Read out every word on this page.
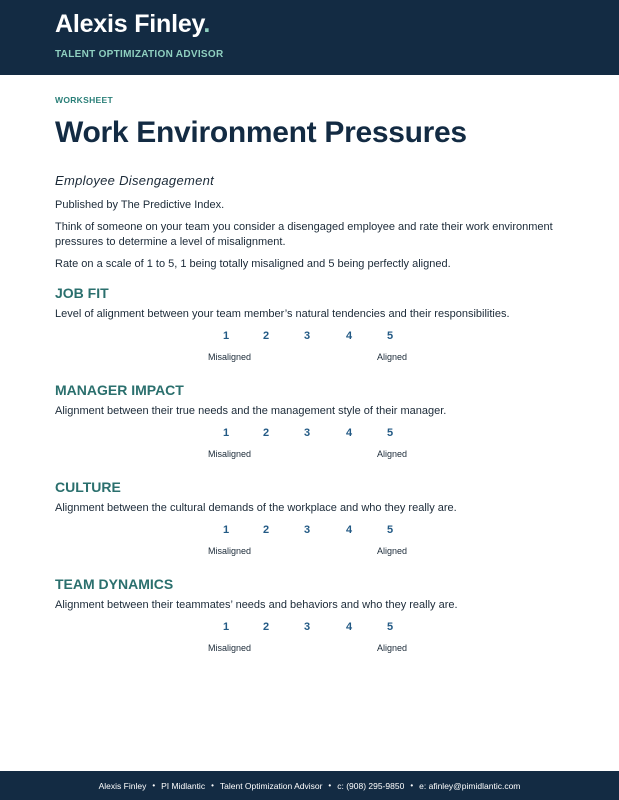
Alexis Finley.
TALENT OPTIMIZATION ADVISOR

WORKSHEET

Work Environment Pressures
Employee Disengagement
Published by The Predictive Index.
Think of someone on your team you consider a disengaged employee and rate their work environment pressures to determine a level of misalignment.
Rate on a scale of 1 to 5, 1 being totally misaligned and 5 being perfectly aligned.
JOB FIT
Level of alignment between your team member’s natural tendencies and their responsibilities.
1	2	3	4	5
Misaligned	Aligned
MANAGER IMPACT
Alignment between their true needs and the management style of their manager.
1	2	3	4	5
Misaligned	Aligned
CULTURE
Alignment between the cultural demands of the workplace and who they really are.
1	2	3	4	5
Misaligned	Aligned
TEAM DYNAMICS
Alignment between their teammates’ needs and behaviors and who they really are.
1	2	3	4	5
Misaligned	Aligned
Alexis Finley • PI Midlantic • Talent Optimization Advisor • c: (908) 295-9850 • e: afinley@pimidlantic.com
